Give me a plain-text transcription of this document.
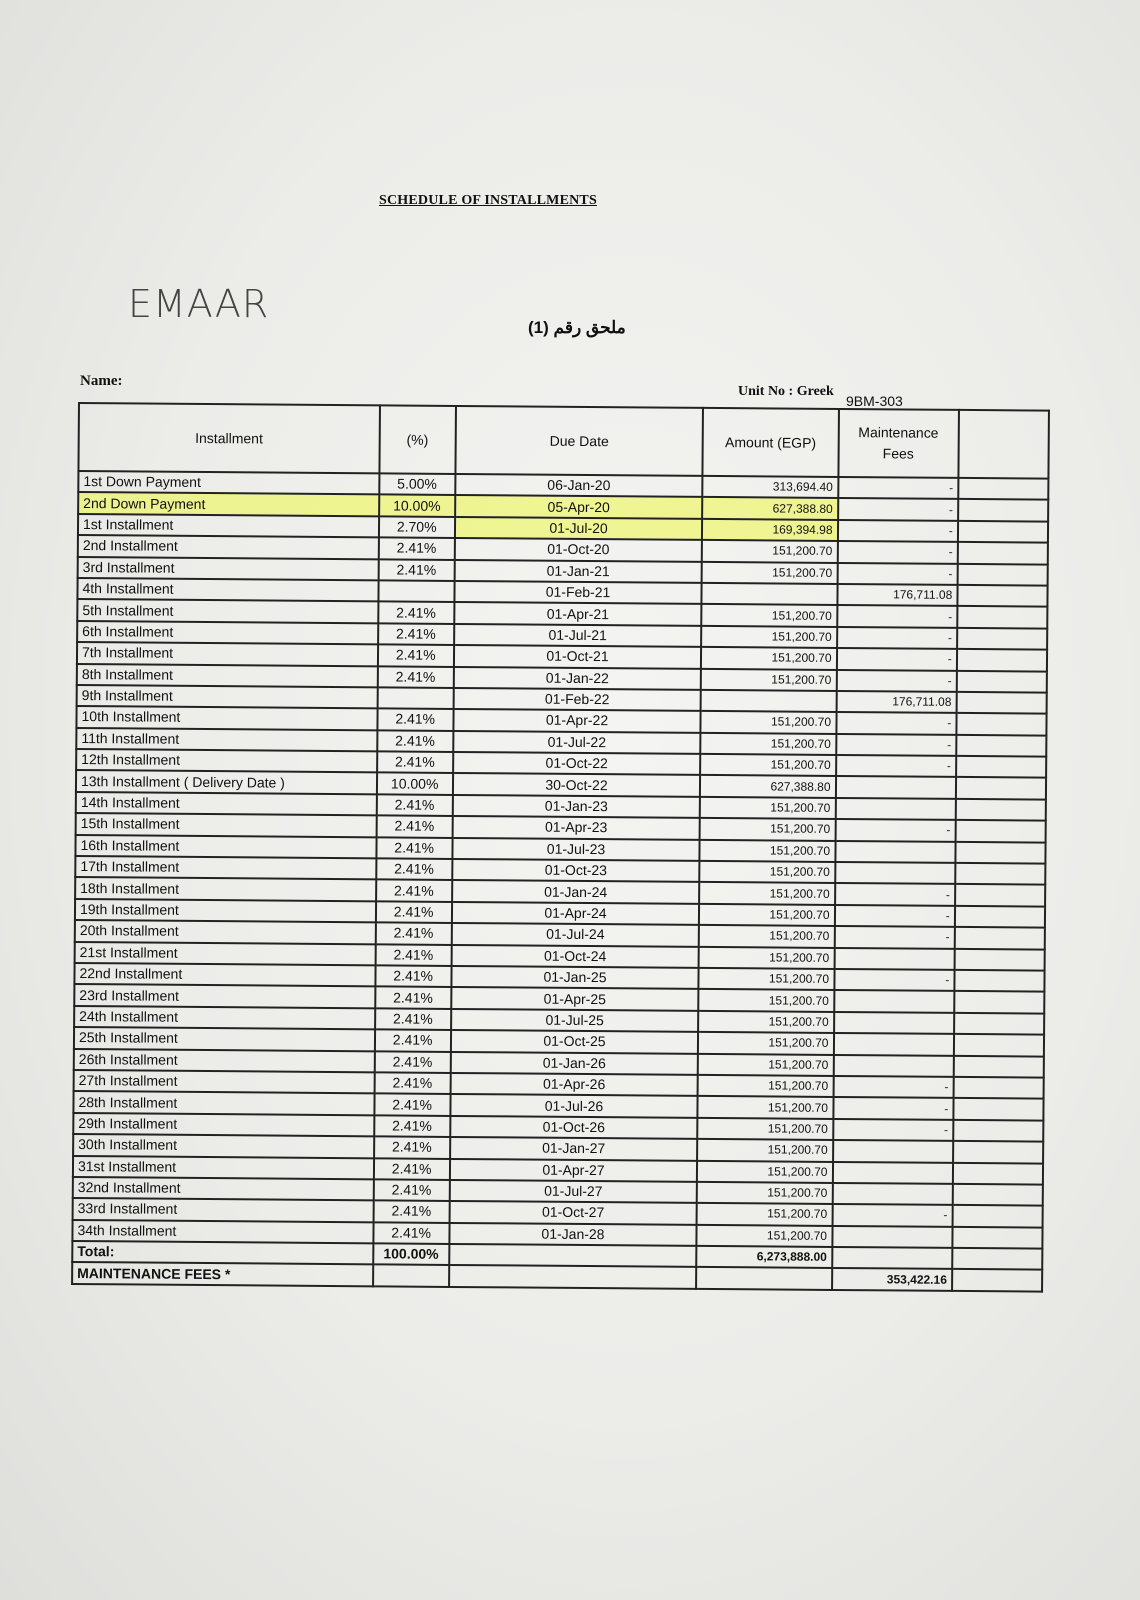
SCHEDULE OF INSTALLMENTS
EMAAR
ملحق رقم (1)
Name:
Unit No : Greek
9BM-303
Installment	(%)	Due Date	Amount (EGP)	Maintenance
Fees	
1st Down Payment	5.00%	06-Jan-20	313,694.40	-	
2nd Down Payment	10.00%	05-Apr-20	627,388.80	-	
1st Installment	2.70%	01-Jul-20	169,394.98	-	
2nd Installment	2.41%	01-Oct-20	151,200.70	-	
3rd Installment	2.41%	01-Jan-21	151,200.70	-	
4th Installment		01-Feb-21		176,711.08	
5th Installment	2.41%	01-Apr-21	151,200.70	-	
6th Installment	2.41%	01-Jul-21	151,200.70	-	
7th Installment	2.41%	01-Oct-21	151,200.70	-	
8th Installment	2.41%	01-Jan-22	151,200.70	-	
9th Installment		01-Feb-22		176,711.08	
10th Installment	2.41%	01-Apr-22	151,200.70	-	
11th Installment	2.41%	01-Jul-22	151,200.70	-	
12th Installment	2.41%	01-Oct-22	151,200.70	-	
13th Installment ( Delivery Date )	10.00%	30-Oct-22	627,388.80		
14th Installment	2.41%	01-Jan-23	151,200.70		
15th Installment	2.41%	01-Apr-23	151,200.70	-	
16th Installment	2.41%	01-Jul-23	151,200.70		
17th Installment	2.41%	01-Oct-23	151,200.70		
18th Installment	2.41%	01-Jan-24	151,200.70	-	
19th Installment	2.41%	01-Apr-24	151,200.70	-	
20th Installment	2.41%	01-Jul-24	151,200.70	-	
21st Installment	2.41%	01-Oct-24	151,200.70		
22nd Installment	2.41%	01-Jan-25	151,200.70	-	
23rd Installment	2.41%	01-Apr-25	151,200.70		
24th Installment	2.41%	01-Jul-25	151,200.70		
25th Installment	2.41%	01-Oct-25	151,200.70		
26th Installment	2.41%	01-Jan-26	151,200.70		
27th Installment	2.41%	01-Apr-26	151,200.70	-	
28th Installment	2.41%	01-Jul-26	151,200.70	-	
29th Installment	2.41%	01-Oct-26	151,200.70	-	
30th Installment	2.41%	01-Jan-27	151,200.70		
31st Installment	2.41%	01-Apr-27	151,200.70		
32nd Installment	2.41%	01-Jul-27	151,200.70		
33rd Installment	2.41%	01-Oct-27	151,200.70	-	
34th Installment	2.41%	01-Jan-28	151,200.70		
Total:	100.00%		6,273,888.00		
MAINTENANCE FEES *				353,422.16	
